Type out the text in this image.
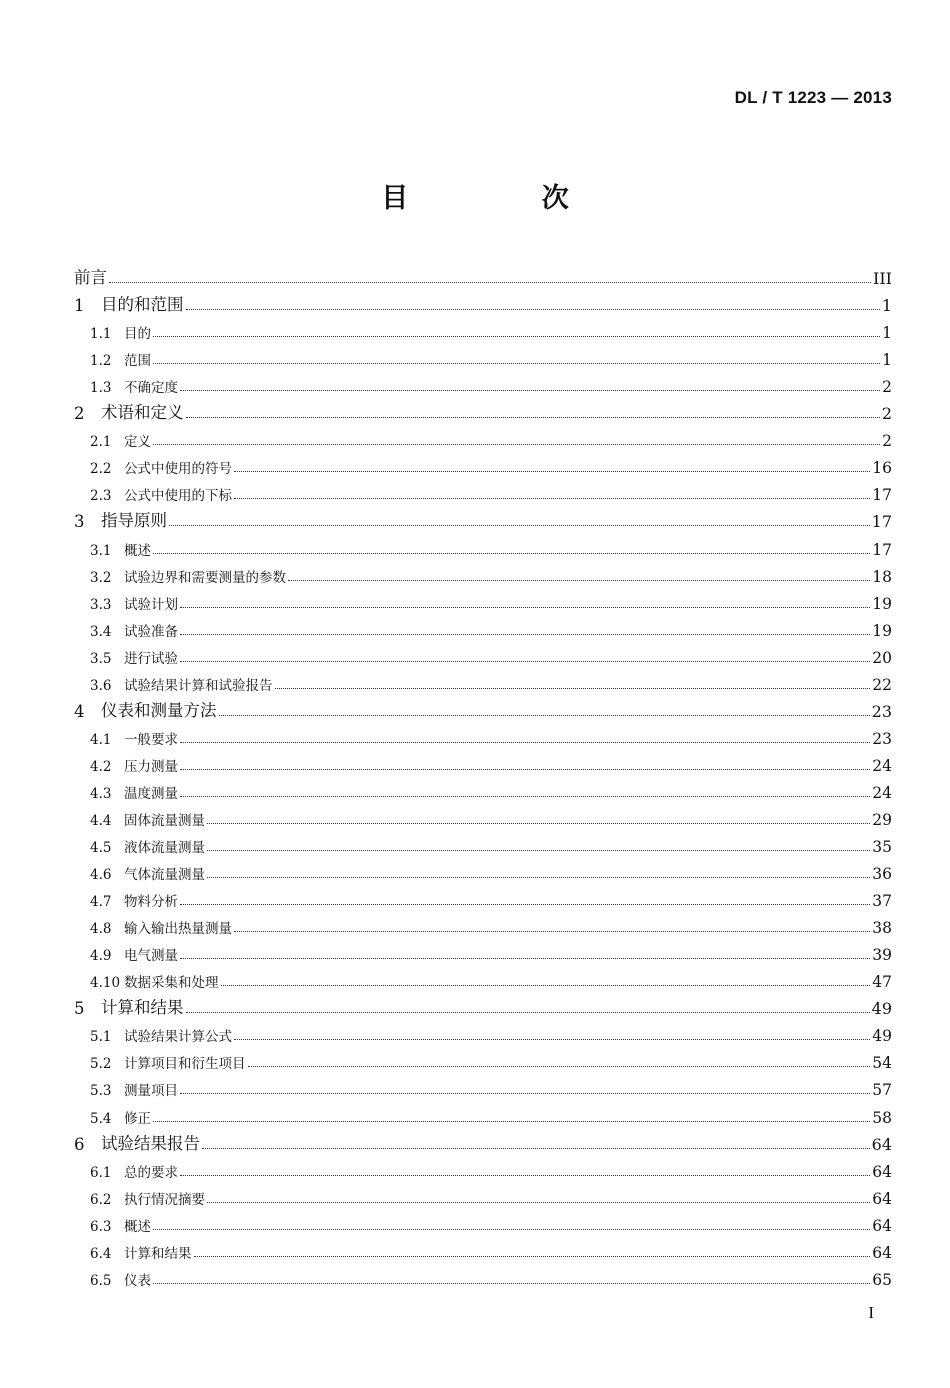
DL / T 1223 — 2013
目 次
前言	III
1	目的和范围	1
1.1 目的	1
1.2 范围	1
1.3 不确定度	2
2	术语和定义	2
2.1 定义	2
2.2 公式中使用的符号	16
2.3 公式中使用的下标	17
3	指导原则	17
3.1 概述	17
3.2 试验边界和需要测量的参数	18
3.3 试验计划	19
3.4 试验准备	19
3.5 进行试验	20
3.6 试验结果计算和试验报告	22
4	仪表和测量方法	23
4.1 一般要求	23
4.2 压力测量	24
4.3 温度测量	24
4.4 固体流量测量	29
4.5 液体流量测量	35
4.6 气体流量测量	36
4.7 物料分析	37
4.8 输入输出热量测量	38
4.9 电气测量	39
4.10 数据采集和处理	47
5	计算和结果	49
5.1 试验结果计算公式	49
5.2 计算项目和衍生项目	54
5.3 测量项目	57
5.4 修正	58
6	试验结果报告	64
6.1 总的要求	64
6.2 执行情况摘要	64
6.3 概述	64
6.4 计算和结果	64
6.5 仪表	65
I
